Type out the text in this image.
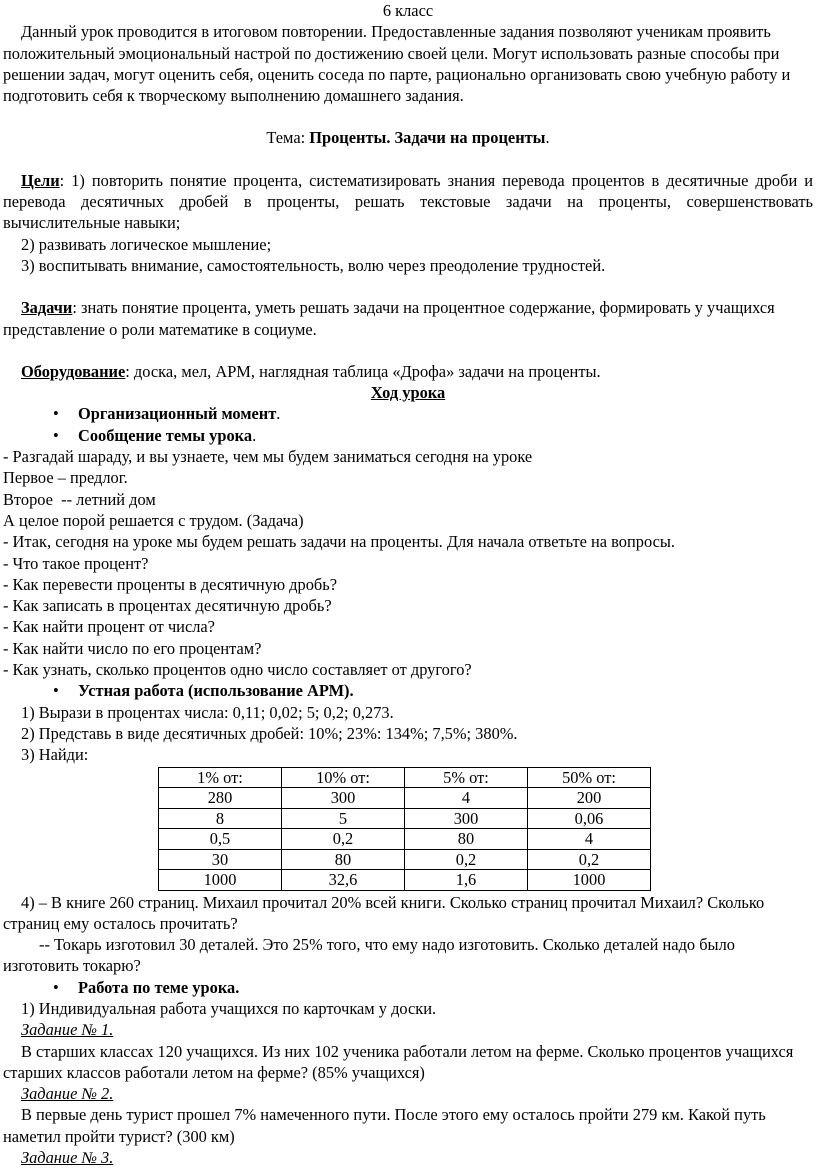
6 класс

Данный урок проводится в итоговом повторении. Предоставленные задания позволяют ученикам проявить положительный эмоциональный настрой по достижению своей цели. Могут использовать разные способы при решении задач, могут оценить себя, оценить соседа по парте, рационально организовать свою учебную работу и подготовить себя к творческому выполнению домашнего задания.

Тема: Проценты. Задачи на проценты.

Цели: 1) повторить понятие процента, систематизировать знания перевода процентов в десятичные дроби и перевода десятичных дробей в проценты, решать текстовые задачи на проценты, совершенствовать вычислительные навыки;

2) развивать логическое мышление;

3) воспитывать внимание, самостоятельность, волю через преодоление трудностей.

Задачи: знать понятие процента, уметь решать задачи на процентное содержание, формировать у учащихся представление о роли математике в социуме.

Оборудование: доска, мел, АРМ, наглядная таблица «Дрофа» задачи на проценты.

Ход урока

• Организационный момент.

• Сообщение темы урока.

- Разгадай шараду, и вы узнаете, чем мы будем заниматься сегодня на уроке

Первое – предлог.

Второе  -- летний дом

А целое порой решается с трудом. (Задача)

- Итак, сегодня на уроке мы будем решать задачи на проценты. Для начала ответьте на вопросы.

- Что такое процент?

- Как перевести проценты в десятичную дробь?

- Как записать в процентах десятичную дробь?

- Как найти процент от числа?

- Как найти число по его процентам?

- Как узнать, сколько процентов одно число составляет от другого?

• Устная работа (использование АРМ).

1) Вырази в процентах числа: 0,11; 0,02; 5; 0,2; 0,273.

2) Представь в виде десятичных дробей: 10%; 23%: 134%; 7,5%; 380%.

3) Найди:

1% от:	10% от:	5% от:	50% от:
280	300	4	200
8	5	300	0,06
0,5	0,2	80	4
30	80	0,2	0,2
1000	32,6	1,6	1000

4) – В книге 260 страниц. Михаил прочитал 20% всей книги. Сколько страниц прочитал Михаил? Сколько страниц ему осталось прочитать?

-- Токарь изготовил 30 деталей. Это 25% того, что ему надо изготовить. Сколько деталей надо было изготовить токарю?

• Работа по теме урока.

1) Индивидуальная работа учащихся по карточкам у доски.

Задание № 1.

В старших классах 120 учащихся. Из них 102 ученика работали летом на ферме. Сколько процентов учащихся старших классов работали летом на ферме? (85% учащихся)

Задание № 2.

В первые день турист прошел 7% намеченного пути. После этого ему осталось пройти 279 км. Какой путь наметил пройти турист? (300 км)

Задание № 3.
